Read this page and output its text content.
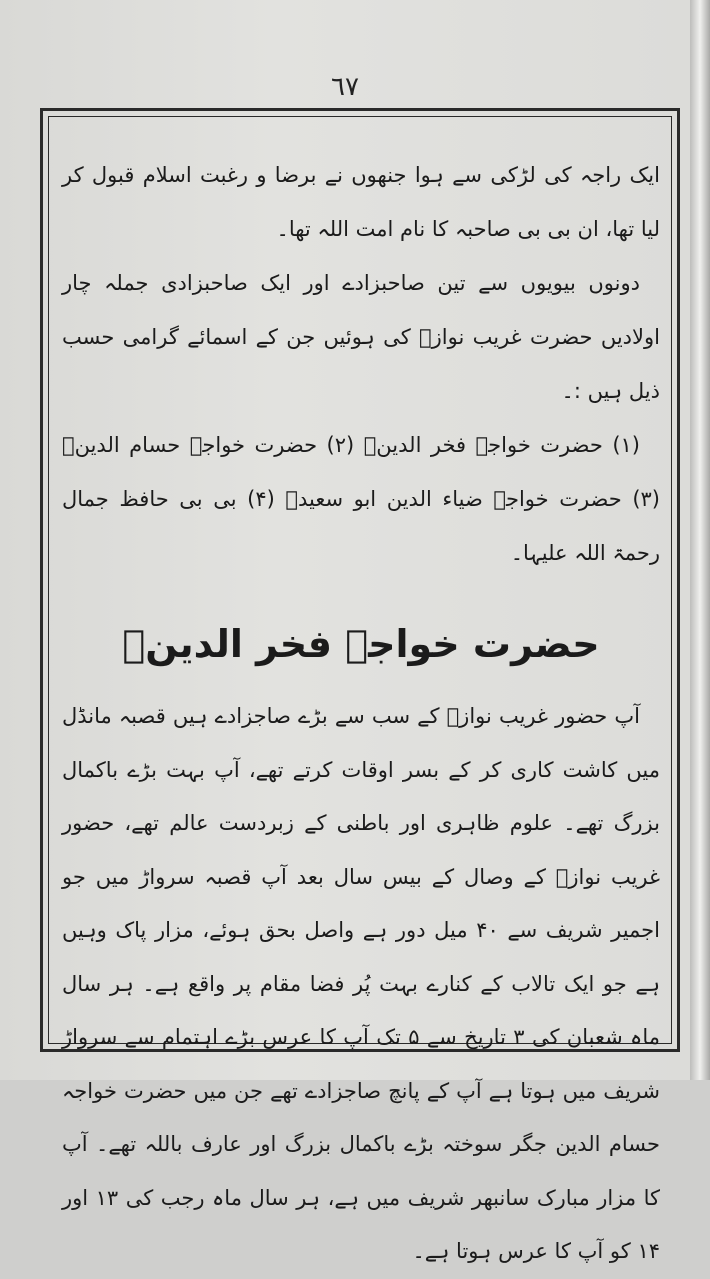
٦٧

ایک راجہ کی لڑکی سے ہوا جنھوں نے برضا و رغبت اسلام قبول کر لیا تھا، ان بی بی صاحبہ کا نام امت اللہ تھا۔

دونوں بیویوں سے تین صاحبزادے اور ایک صاحبزادی جملہ چار اولادیں حضرت غریب نوازؒ کی ہوئیں جن کے اسمائے گرامی حسب ذیل ہیں :۔

(۱) حضرت خواجہ فخر الدینؒ (۲) حضرت خواجہ حسام الدینؒ (۳) حضرت خواجہ ضیاء الدین ابو سعیدؒ (۴) بی بی حافظ جمال رحمۃ اللہ علیہا۔

حضرت خواجہ فخر الدینؒ

آپ حضور غریب نوازؒ کے سب سے بڑے صاجزادے ہیں قصبہ مانڈل میں کاشت کاری کر کے بسر اوقات کرتے تھے، آپ بہت بڑے باکمال بزرگ تھے۔ علوم ظاہری اور باطنی کے زبردست عالم تھے، حضور غریب نوازؒ کے وصال کے بیس سال بعد آپ قصبہ سرواڑ میں جو اجمیر شریف سے ۴۰ میل دور ہے واصل بحق ہوئے، مزار پاک وہیں ہے جو ایک تالاب کے کنارے بہت پُر فضا مقام پر واقع ہے۔ ہر سال ماہ شعبان کی ۳ تاریخ سے ۵ تک آپ کا عرس بڑے اہتمام سے سرواڑ شریف میں ہوتا ہے آپ کے پانچ صاجزادے تھے جن میں حضرت خواجہ حسام الدین جگر سوختہ بڑے باکمال بزرگ اور عارف باللہ تھے۔ آپ کا مزار مبارک سانبھر شریف میں ہے، ہر سال ماہ رجب کی ۱۳ اور ۱۴ کو آپ کا عرس ہوتا ہے۔
